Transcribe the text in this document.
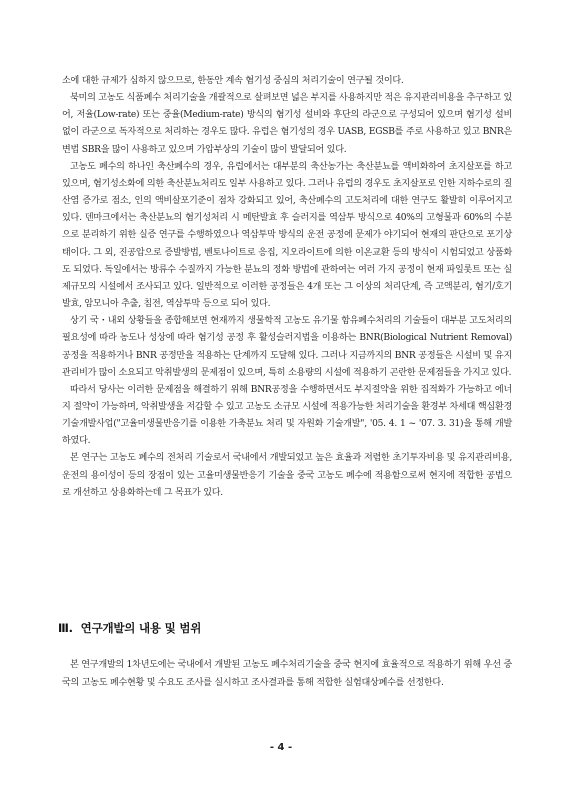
소에 대한 규제가 심하지 않으므로, 한동안 계속 혐기성 중심의 처리기술이 연구될 것이다.

북미의 고농도 식품폐수 처리기술을 개괄적으로 살펴보면 넓은 부지를 사용하지만 적은 유지관리비용을 추구하고 있어, 저율(Low-rate) 또는 중율(Medium-rate) 방식의 혐기성 설비와 후단의 라군으로 구성되어 있으며 혐기성 설비 없이 라군으로 독자적으로 처리하는 경우도 많다. 유럽은 혐기성의 경우 UASB, EGSB를 주로 사용하고 있고 BNR은 변법 SBR을 많이 사용하고 있으며 가압부상의 기술이 많이 발달되어 있다.

고농도 폐수의 하나인 축산폐수의 경우, 유럽에서는 대부분의 축산농가는 축산분뇨를 액비화하여 초지살포를 하고 있으며, 혐기성소화에 의한 축산분뇨처리도 일부 사용하고 있다. 그러나 유럽의 경우도 초지살포로 인한 지하수로의 질산염 증가로 점소, 인의 액비살포기준이 점차 강화되고 있어, 축산폐수의 고도처리에 대한 연구도 활발히 이루어지고 있다. 덴마크에서는 축산분뇨의 혐기성처리 시 메탄발효 후 슬러지를 역삼투 방식으로 40%의 고형물과 60%의 수분으로 분리하기 위한 실증 연구를 수행하였으나 역삼투막 방식의 운전 공정에 문제가 야기되어 현재의 판단으로 포기상태이다. 그 외, 진공압으로 증발방법, 벤토나이트로 응집, 지오라이트에 의한 이온교환 등의 방식이 시험되었고 상품화도 되었다. 독일에서는 방류수 수질까지 가능한 분뇨의 정화 방법에 관하여는 여러 가지 공정이 현재 파일롯트 또는 실제규모의 시설에서 조사되고 있다. 일반적으로 이러한 공정들은 4개 또는 그 이상의 처리단계, 즉 고액분리, 혐기/호기 발효, 암모니아 추출, 침전, 역삼투막 등으로 되어 있다.

상기 국・내외 상황들을 종합해보면 현재까지 생물학적 고농도 유기물 함유폐수처리의 기술들이 대부분 고도처리의 필요성에 따라 농도나 성상에 따라 혐기성 공정 후 활성슬러지법을 이용하는 BNR(Biological Nutrient Removal) 공정을 적용하거나 BNR 공정만을 적용하는 단계까지 도달해 있다. 그러나 지금까지의 BNR 공정들은 시설비 및 유지관리비가 많이 소요되고 악취발생의 문제점이 있으며, 특히 소용량의 시설에 적용하기 곤란한 문제점들을 가지고 있다.

따라서 당사는 이러한 문제점을 해결하기 위해 BNR공정을 수행하면서도 부지절약을 위한 집적화가 가능하고 에너지 절약이 가능하며, 악취발생을 저감할 수 있고 고농도 소규모 시설에 적용가능한 처리기술을 환경부 차세대 핵심환경기술개발사업("고율미생물반응기를 이용한 가축분뇨 처리 및 자원화 기술개발", '05. 4. 1 ~ '07. 3. 31)을 통해 개발하였다.

본 연구는 고농도 폐수의 전처리 기술로서 국내에서 개발되었고 높은 효율과 저렴한 초기투자비용 및 유지관리비용, 운전의 용이성이 등의 장점이 있는 고율미생물반응기 기술을 중국 고농도 폐수에 적용함으로써 현지에 적합한 공법으로 개선하고 상용화하는데 그 목표가 있다.

Ⅲ. 연구개발의 내용 및 범위

본 연구개발의 1차년도에는 국내에서 개발된 고농도 폐수처리기술을 중국 현지에 효율적으로 적용하기 위해 우선 중국의 고농도 폐수현황 및 수요도 조사를 실시하고 조사결과를 통해 적합한 실험대상폐수를 선정한다.

- 4 -
